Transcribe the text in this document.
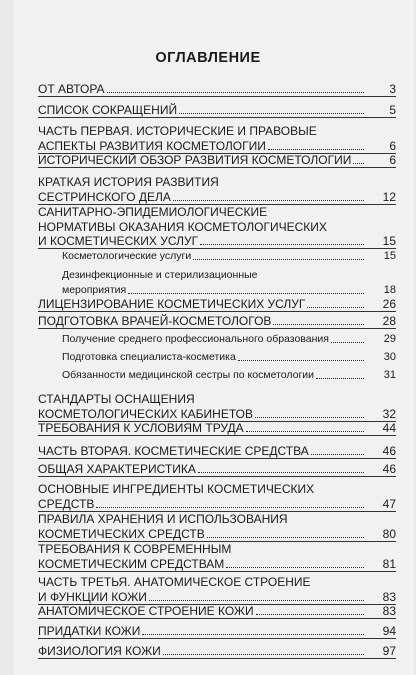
ОГЛАВЛЕНИЕ
ОТ АВТОРА	3
СПИСОК СОКРАЩЕНИЙ	5
ЧАСТЬ ПЕРВАЯ. ИСТОРИЧЕСКИЕ И ПРАВОВЫЕ
АСПЕКТЫ РАЗВИТИЯ КОСМЕТОЛОГИИ	6
ИСТОРИЧЕСКИЙ ОБЗОР РАЗВИТИЯ КОСМЕТОЛОГИИ	6
КРАТКАЯ ИСТОРИЯ РАЗВИТИЯ
СЕСТРИНСКОГО ДЕЛА	12
САНИТАРНО-ЭПИДЕМИОЛОГИЧЕСКИЕ
НОРМАТИВЫ ОКАЗАНИЯ КОСМЕТОЛОГИЧЕСКИХ
И КОСМЕТИЧЕСКИХ УСЛУГ	15
Косметологические услуги	15
Дезинфекционные и стерилизационные
мероприятия	18
ЛИЦЕНЗИРОВАНИЕ КОСМЕТИЧЕСКИХ УСЛУГ	26
ПОДГОТОВКА ВРАЧЕЙ-КОСМЕТОЛОГОВ	28
Получение среднего профессионального образования	29
Подготовка специалиста-косметика	30
Обязанности медицинской сестры по косметологии	31
СТАНДАРТЫ ОСНАЩЕНИЯ
КОСМЕТОЛОГИЧЕСКИХ КАБИНЕТОВ	32
ТРЕБОВАНИЯ К УСЛОВИЯМ ТРУДА	44
ЧАСТЬ ВТОРАЯ. КОСМЕТИЧЕСКИЕ СРЕДСТВА	46
ОБЩАЯ ХАРАКТЕРИСТИКА	46
ОСНОВНЫЕ ИНГРЕДИЕНТЫ КОСМЕТИЧЕСКИХ
СРЕДСТВ	47
ПРАВИЛА ХРАНЕНИЯ И ИСПОЛЬЗОВАНИЯ
КОСМЕТИЧЕСКИХ СРЕДСТВ	80
ТРЕБОВАНИЯ К СОВРЕМЕННЫМ
КОСМЕТИЧЕСКИМ СРЕДСТВАМ	81
ЧАСТЬ ТРЕТЬЯ. АНАТОМИЧЕСКОЕ СТРОЕНИЕ
И ФУНКЦИИ КОЖИ	83
АНАТОМИЧЕСКОЕ СТРОЕНИЕ КОЖИ	83
ПРИДАТКИ КОЖИ	94
ФИЗИОЛОГИЯ КОЖИ	97
